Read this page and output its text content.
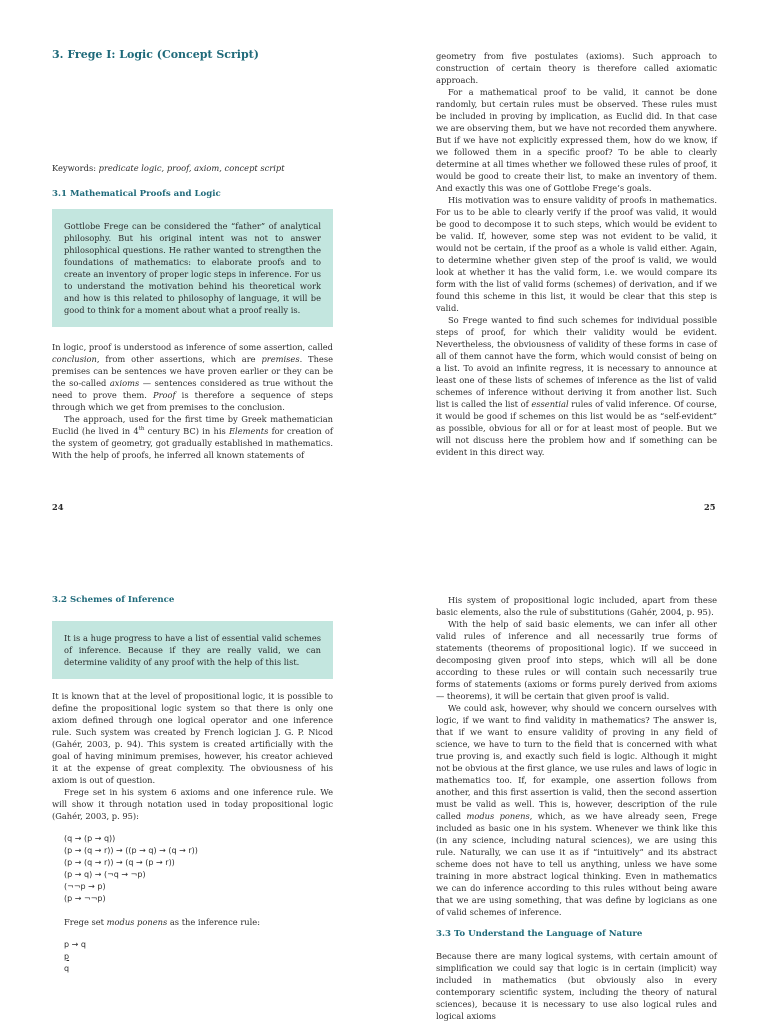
3. Frege I: Logic (Concept Script)
Keywords: predicate logic, proof, axiom, concept script
3.1 Mathematical Proofs and Logic

Gottlobe Frege can be considered the “father” of analytical philosophy. But his original intent was not to answer philosophical questions. He rather wanted to strengthen the foundations of mathematics: to elaborate proofs and to create an inventory of proper logic steps in inference. For us to understand the motivation behind his theoretical work and how is this related to philosophy of language, it will be good to think for a moment about what a proof really is.

In logic, proof is understood as inference of some assertion, called conclusion, from other assertions, which are premises. These premises can be sentences we have proven earlier or they can be the so-called axioms — sentences considered as true without the need to prove them. Proof is therefore a sequence of steps through which we get from premises to the conclusion.

The approach, used for the first time by Greek mathematician Euclid (he lived in 4th century BC) in his Elements for creation of the system of geometry, got gradually established in mathematics. With the help of proofs, he inferred all known statements of

24

geometry from five postulates (axioms). Such approach to construction of certain theory is therefore called axiomatic approach.

For a mathematical proof to be valid, it cannot be done randomly, but certain rules must be observed. These rules must be included in proving by implication, as Euclid did. In that case we are observing them, but we have not recorded them anywhere. But if we have not explicitly expressed them, how do we know, if we followed them in a specific proof? To be able to clearly determine at all times whether we followed these rules of proof, it would be good to create their list, to make an inventory of them. And exactly this was one of Gottlobe Frege’s goals.

His motivation was to ensure validity of proofs in mathematics. For us to be able to clearly verify if the proof was valid, it would be good to decompose it to such steps, which would be evident to be valid. If, however, some step was not evident to be valid, it would not be certain, if the proof as a whole is valid either. Again, to determine whether given step of the proof is valid, we would look at whether it has the valid form, i.e. we would compare its form with the list of valid forms (schemes) of derivation, and if we found this scheme in this list, it would be clear that this step is valid.

So Frege wanted to find such schemes for individual possible steps of proof, for which their validity would be evident. Nevertheless, the obviousness of validity of these forms in case of all of them cannot have the form, which would consist of being on a list. To avoid an infinite regress, it is necessary to announce at least one of these lists of schemes of inference as the list of valid schemes of inference without deriving it from another list. Such list is called the list of essential rules of valid inference. Of course, it would be good if schemes on this list would be as “self-evident” as possible, obvious for all or for at least most of people. But we will not discuss here the problem how and if something can be evident in this direct way.

25
3.2 Schemes of Inference

It is a huge progress to have a list of essential valid schemes of inference. Because if they are really valid, we can determine validity of any proof with the help of this list.

It is known that at the level of propositional logic, it is possible to define the propositional logic system so that there is only one axiom defined through one logical operator and one inference rule. Such system was created by French logician J. G. P. Nicod (Gahér, 2003, p. 94). This system is created artificially with the goal of having minimum premises, however, his creator achieved it at the expense of great complexity. The obviousness of his axiom is out of question.

Frege set in his system 6 axioms and one inference rule. We will show it through notation used in today propositional logic (Gahér, 2003, p. 95):

(q → (p → q))
(p → (q → r)) → ((p → q) → (q → r))
(p → (q → r)) → (q → (p → r))
(p → q) → (¬q → ¬p)
(¬¬p → p)
(p → ¬¬p)

Frege set modus ponens as the inference rule:

p → q
p
q

His system of propositional logic included, apart from these basic elements, also the rule of substitutions (Gahér, 2004, p. 95).

With the help of said basic elements, we can infer all other valid rules of inference and all necessarily true forms of statements (theorems of propositional logic). If we succeed in decomposing given proof into steps, which will all be done according to these rules or will contain such necessarily true forms of statements (axioms or forms purely derived from axioms — theorems), it will be certain that given proof is valid.

We could ask, however, why should we concern ourselves with logic, if we want to find validity in mathematics? The answer is, that if we want to ensure validity of proving in any field of science, we have to turn to the field that is concerned with what true proving is, and exactly such field is logic. Although it might not be obvious at the first glance, we use rules and laws of logic in mathematics too. If, for example, one assertion follows from another, and this first assertion is valid, then the second assertion must be valid as well. This is, however, description of the rule called modus ponens, which, as we have already seen, Frege included as basic one in his system. Whenever we think like this (in any science, including natural sciences), we are using this rule. Naturally, we can use it as if “intuitively” and its abstract scheme does not have to tell us anything, unless we have some training in more abstract logical thinking. Even in mathematics we can do inference according to this rules without being aware that we are using something, that was define by logicians as one of valid schemes of inference.

3.3 To Understand the Language of Nature

Because there are many logical systems, with certain amount of simplification we could say that logic is in certain (implicit) way included in mathematics (but obviously also in every contemporary scientific system, including the theory of natural sciences), because it is necessary to use also logical rules and logical axioms
